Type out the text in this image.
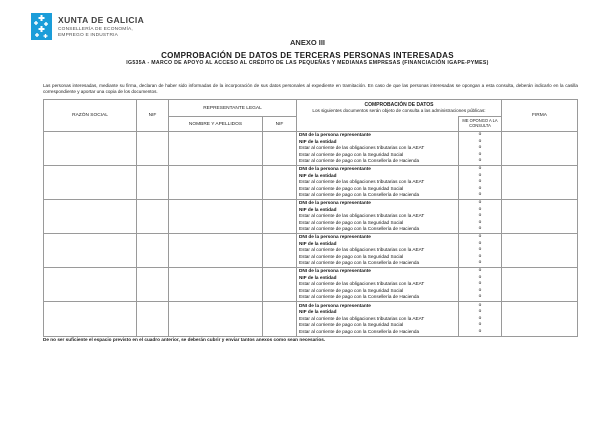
XUNTA DE GALICIA
CONSELLERÍA DE ECONOMÍA,
EMPREGO E INDUSTRIA
ANEXO III
COMPROBACIÓN DE DATOS DE TERCERAS PERSONAS INTERESADAS
IG535A - MARCO DE APOYO AL ACCESO AL CRÉDITO DE LAS PEQUEÑAS Y MEDIANAS EMPRESAS (FINANCIACIÓN IGAPE-PYMES)

Las personas interesadas, mediante su firma, declaran de haber sido informadas de la incorporación de sus datos personales al expediente en tramitación. En caso de que las personas interesadas se opongan a esta consulta, deberán indicarlo en la casilla correspondiente y aportar una copia de los documentos.

RAZÓN SOCIAL	NIF
REPRESENTANTE LEGAL
NOMBRE Y APELLIDOS	NIF
COMPROBACIÓN DE DATOS
Los siguientes documentos serán objeto de consulta a las administraciones públicas:
ME OPONGO A LA CONSULTA
FIRMA
DNI de la persona representante
NIF de la entidad
Estar al corriente de las obligaciones tributarias con la AEAT
Estar al corriente de pago con la Seguridad Social
Estar al corriente de pago con la Consellería de Hacienda
o
o
o
o
o
DNI de la persona representante
NIF de la entidad
Estar al corriente de las obligaciones tributarias con la AEAT
Estar al corriente de pago con la Seguridad Social
Estar al corriente de pago con la Consellería de Hacienda
o
o
o
o
o
DNI de la persona representante
NIF de la entidad
Estar al corriente de las obligaciones tributarias con la AEAT
Estar al corriente de pago con la Seguridad Social
Estar al corriente de pago con la Consellería de Hacienda
o
o
o
o
o
DNI de la persona representante
NIF de la entidad
Estar al corriente de las obligaciones tributarias con la AEAT
Estar al corriente de pago con la Seguridad Social
Estar al corriente de pago con la Consellería de Hacienda
o
o
o
o
o
DNI de la persona representante
NIF de la entidad
Estar al corriente de las obligaciones tributarias con la AEAT
Estar al corriente de pago con la Seguridad Social
Estar al corriente de pago con la Consellería de Hacienda
o
o
o
o
o
DNI de la persona representante
NIF de la entidad
Estar al corriente de las obligaciones tributarias con la AEAT
Estar al corriente de pago con la Seguridad Social
Estar al corriente de pago con la Consellería de Hacienda
o
o
o
o
o
De no ser suficiente el espacio previsto en el cuadro anterior, se deberán cubrir y enviar tantos anexos como sean necesarios.
